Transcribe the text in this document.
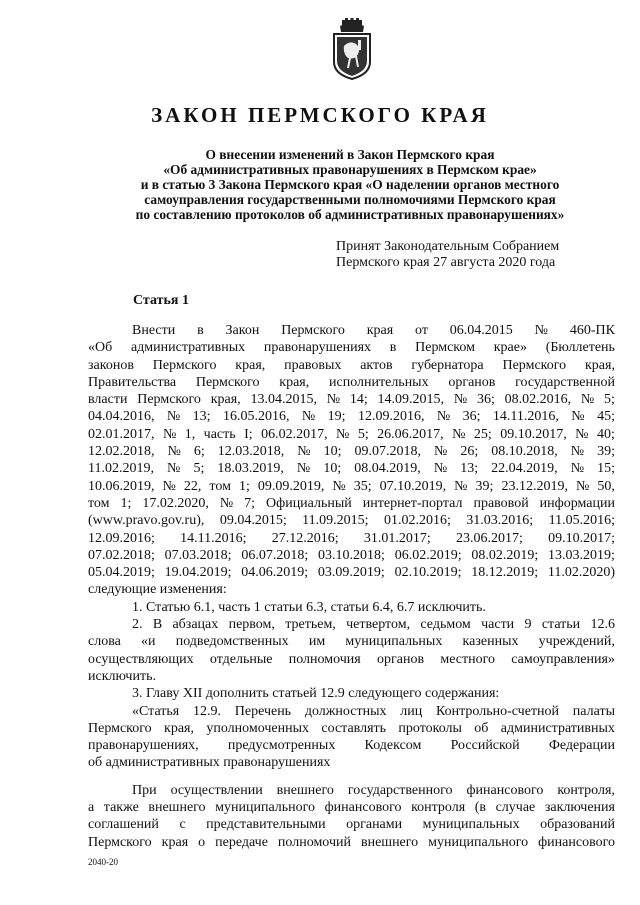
ЗАКОН ПЕРМСКОГО КРАЯ
О внесении изменений в Закон Пермского края
«Об административных правонарушениях в Пермском крае»
и в статью 3 Закона Пермского края «О наделении органов местного
самоуправления государственными полномочиями Пермского края
по составлению протоколов об административных правонарушениях»
Принят Законодательным Собранием
Пермского края 27 августа 2020 года
Статья 1
Внести в Закон Пермского края от 06.04.2015 № 460-ПК
«Об административных правонарушениях в Пермском крае» (Бюллетень
законов Пермского края, правовых актов губернатора Пермского края,
Правительства Пермского края, исполнительных органов государственной
власти Пермского края, 13.04.2015, № 14; 14.09.2015, № 36; 08.02.2016, № 5;
04.04.2016, № 13; 16.05.2016, № 19; 12.09.2016, № 36; 14.11.2016, № 45;
02.01.2017, № 1, часть I; 06.02.2017, № 5; 26.06.2017, № 25; 09.10.2017, № 40;
12.02.2018, № 6; 12.03.2018, № 10; 09.07.2018, № 26; 08.10.2018, № 39;
11.02.2019, № 5; 18.03.2019, № 10; 08.04.2019, № 13; 22.04.2019, № 15;
10.06.2019, № 22, том 1; 09.09.2019, № 35; 07.10.2019, № 39; 23.12.2019, № 50,
том 1; 17.02.2020, № 7; Официальный интернет-портал правовой информации
(www.pravo.gov.ru), 09.04.2015; 11.09.2015; 01.02.2016; 31.03.2016; 11.05.2016;
12.09.2016; 14.11.2016; 27.12.2016; 31.01.2017; 23.06.2017; 09.10.2017;
07.02.2018; 07.03.2018; 06.07.2018; 03.10.2018; 06.02.2019; 08.02.2019; 13.03.2019;
05.04.2019; 19.04.2019; 04.06.2019; 03.09.2019; 02.10.2019; 18.12.2019; 11.02.2020)
следующие изменения:
1. Статью 6.1, часть 1 статьи 6.3, статьи 6.4, 6.7 исключить.
2. В абзацах первом, третьем, четвертом, седьмом части 9 статьи 12.6
слова «и подведомственных им муниципальных казенных учреждений,
осуществляющих отдельные полномочия органов местного самоуправления»
исключить.
3. Главу XII дополнить статьей 12.9 следующего содержания:
«Статья 12.9. Перечень должностных лиц Контрольно-счетной палаты
Пермского края, уполномоченных составлять протоколы об административных
правонарушениях, предусмотренных Кодексом Российской Федерации
об административных правонарушениях
При осуществлении внешнего государственного финансового контроля,
а также внешнего муниципального финансового контроля (в случае заключения
соглашений с представительными органами муниципальных образований
Пермского края о передаче полномочий внешнего муниципального финансового
2040-20
